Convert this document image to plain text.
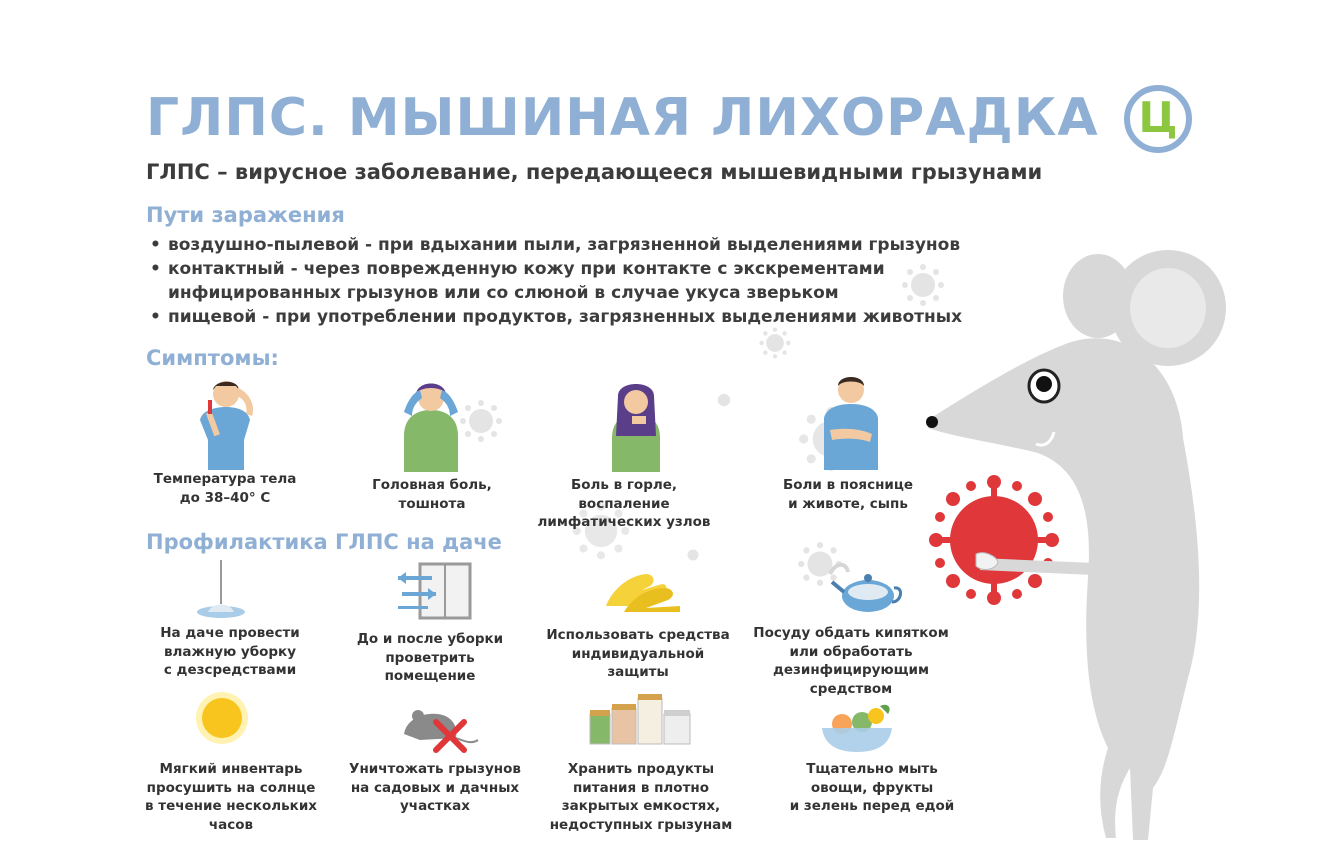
ГЛПС. МЫШИНАЯ ЛИХОРАДКА Ц
ГЛПС – вирусное заболевание, передающееся мышевидными грызунами
Пути заражения
• воздушно-пылевой - при вдыхании пыли, загрязненной выделениями грызунов
• контактный - через поврежденную кожу при контакте с экскрементами
инфицированных грызунов или со слюной в случае укуса зверьком
• пищевой - при употреблении продуктов, загрязненных выделениями животных
Симптомы:
Температура тела
до 38–40° С
Головная боль,
тошнота
Боль в горле,
воспаление
лимфатических узлов
Боли в пояснице
и животе, сыпь
Профилактика ГЛПС на даче
На даче провести
влажную уборку
с дезсредствами
До и после уборки
проветрить
помещение
Использовать средства
индивидуальной
защиты
Посуду обдать кипятком
или обработать
дезинфицирующим
средством
Мягкий инвентарь
просушить на солнце
в течение нескольких
часов
Уничтожать грызунов
на садовых и дачных
участках
Хранить продукты
питания в плотно
закрытых емкостях,
недоступных грызунам
Тщательно мыть
овощи, фрукты
и зелень перед едой
